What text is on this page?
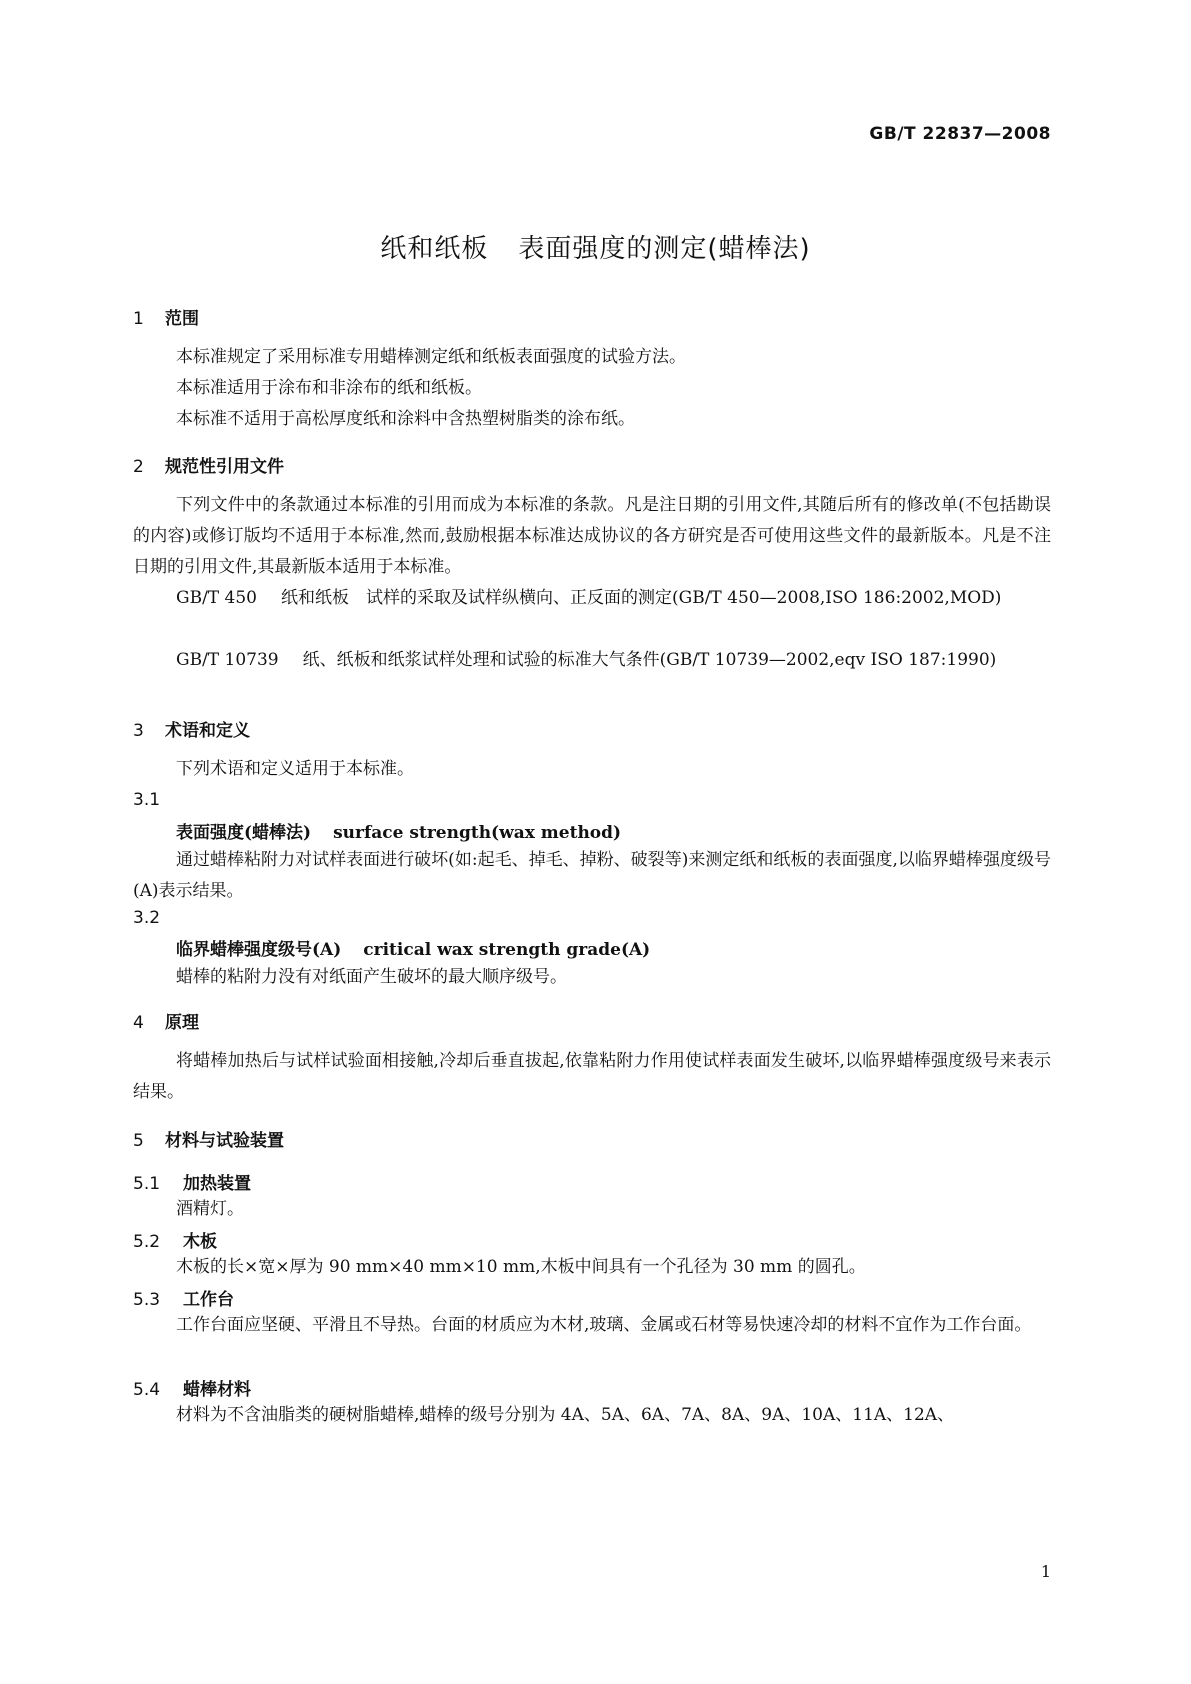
GB/T 22837—2008
纸和纸板 表面强度的测定(蜡棒法)
1 范围
本标准规定了采用标准专用蜡棒测定纸和纸板表面强度的试验方法。
本标准适用于涂布和非涂布的纸和纸板。
本标准不适用于高松厚度纸和涂料中含热塑树脂类的涂布纸。
2 规范性引用文件
下列文件中的条款通过本标准的引用而成为本标准的条款。凡是注日期的引用文件,其随后所有的修改单(不包括勘误的内容)或修订版均不适用于本标准,然而,鼓励根据本标准达成协议的各方研究是否可使用这些文件的最新版本。凡是不注日期的引用文件,其最新版本适用于本标准。
GB/T 450 纸和纸板　试样的采取及试样纵横向、正反面的测定(GB/T 450—2008,ISO 186:2002,MOD)
GB/T 10739 纸、纸板和纸浆试样处理和试验的标准大气条件(GB/T 10739—2002,eqv ISO 187:1990)
3 术语和定义
下列术语和定义适用于本标准。
3.1
表面强度(蜡棒法) surface strength(wax method)
通过蜡棒粘附力对试样表面进行破坏(如:起毛、掉毛、掉粉、破裂等)来测定纸和纸板的表面强度,以临界蜡棒强度级号(A)表示结果。
3.2
临界蜡棒强度级号(A) critical wax strength grade(A)
蜡棒的粘附力没有对纸面产生破坏的最大顺序级号。
4 原理
将蜡棒加热后与试样试验面相接触,冷却后垂直拔起,依靠粘附力作用使试样表面发生破坏,以临界蜡棒强度级号来表示结果。
5 材料与试验装置
5.1 加热装置
酒精灯。
5.2 木板
木板的长×宽×厚为 90 mm×40 mm×10 mm,木板中间具有一个孔径为 30 mm 的圆孔。
5.3 工作台
工作台面应坚硬、平滑且不导热。台面的材质应为木材,玻璃、金属或石材等易快速冷却的材料不宜作为工作台面。
5.4 蜡棒材料
材料为不含油脂类的硬树脂蜡棒,蜡棒的级号分别为 4A、5A、6A、7A、8A、9A、10A、11A、12A、
1
